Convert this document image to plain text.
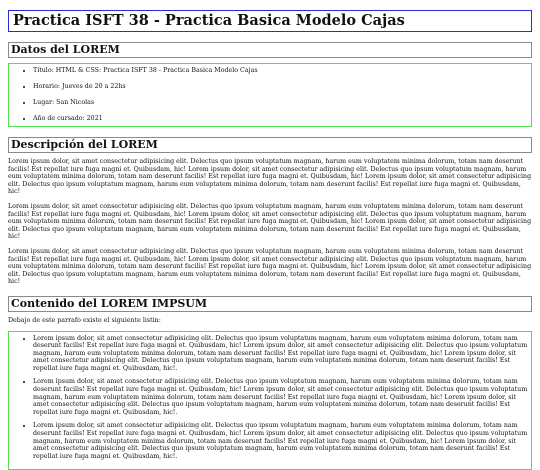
Practica ISFT 38 - Practica Basica Modelo Cajas
Datos del LOREM
• Título: HTML & CSS: Practica ISFT 38 - Practica Basica Modelo Cajas
• Horario: Jueves de 20 a 22hs
• Lugar: San Nicolas
• Año de cursado: 2021
Descripción del LOREM

Lorem ipsum dolor, sit amet consectetur adipisicing elit. Delectus quo ipsum voluptatum magnam, harum eum voluptatem minima dolorum, totam nam deserunt facilis! Est repellat iure fuga magni et. Quibusdam, hic! Lorem ipsum dolor, sit amet consectetur adipisicing elit. Delectus quo ipsum voluptatum magnam, harum eum voluptatem minima dolorum, totam nam deserunt facilis! Est repellat iure fuga magni et. Quibusdam, hic! Lorem ipsum dolor, sit amet consectetur adipisicing elit. Delectus quo ipsum voluptatum magnam, harum eum voluptatem minima dolorum, totam nam deserunt facilis! Est repellat iure fuga magni et. Quibusdam, hic!

Lorem ipsum dolor, sit amet consectetur adipisicing elit. Delectus quo ipsum voluptatum magnam, harum eum voluptatem minima dolorum, totam nam deserunt facilis! Est repellat iure fuga magni et. Quibusdam, hic! Lorem ipsum dolor, sit amet consectetur adipisicing elit. Delectus quo ipsum voluptatum magnam, harum eum voluptatem minima dolorum, totam nam deserunt facilis! Est repellat iure fuga magni et. Quibusdam, hic! Lorem ipsum dolor, sit amet consectetur adipisicing elit. Delectus quo ipsum voluptatum magnam, harum eum voluptatem minima dolorum, totam nam deserunt facilis! Est repellat iure fuga magni et. Quibusdam, hic!

Lorem ipsum dolor, sit amet consectetur adipisicing elit. Delectus quo ipsum voluptatum magnam, harum eum voluptatem minima dolorum, totam nam deserunt facilis! Est repellat iure fuga magni et. Quibusdam, hic! Lorem ipsum dolor, sit amet consectetur adipisicing elit. Delectus quo ipsum voluptatum magnam, harum eum voluptatem minima dolorum, totam nam deserunt facilis! Est repellat iure fuga magni et. Quibusdam, hic! Lorem ipsum dolor, sit amet consectetur adipisicing elit. Delectus quo ipsum voluptatum magnam, harum eum voluptatem minima dolorum, totam nam deserunt facilis! Est repellat iure fuga magni et. Quibusdam, hic!

Contenido del LOREM IMPSUM

Debajo de este parrafo existe el siguiente listin:

• Lorem ipsum dolor, sit amet consectetur adipisicing elit. Delectus quo ipsum voluptatum magnam, harum eum voluptatem minima dolorum, totam nam deserunt facilis! Est repellat iure fuga magni et. Quibusdam, hic! Lorem ipsum dolor, sit amet consectetur adipisicing elit. Delectus quo ipsum voluptatum magnam, harum eum voluptatem minima dolorum, totam nam deserunt facilis! Est repellat iure fuga magni et. Quibusdam, hic! Lorem ipsum dolor, sit amet consectetur adipisicing elit. Delectus quo ipsum voluptatum magnam, harum eum voluptatem minima dolorum, totam nam deserunt facilis! Est repellat iure fuga magni et. Quibusdam, hic!.
• Lorem ipsum dolor, sit amet consectetur adipisicing elit. Delectus quo ipsum voluptatum magnam, harum eum voluptatem minima dolorum, totam nam deserunt facilis! Est repellat iure fuga magni et. Quibusdam, hic! Lorem ipsum dolor, sit amet consectetur adipisicing elit. Delectus quo ipsum voluptatum magnam, harum eum voluptatem minima dolorum, totam nam deserunt facilis! Est repellat iure fuga magni et. Quibusdam, hic! Lorem ipsum dolor, sit amet consectetur adipisicing elit. Delectus quo ipsum voluptatum magnam, harum eum voluptatem minima dolorum, totam nam deserunt facilis! Est repellat iure fuga magni et. Quibusdam, hic!.
• Lorem ipsum dolor, sit amet consectetur adipisicing elit. Delectus quo ipsum voluptatum magnam, harum eum voluptatem minima dolorum, totam nam deserunt facilis! Est repellat iure fuga magni et. Quibusdam, hic! Lorem ipsum dolor, sit amet consectetur adipisicing elit. Delectus quo ipsum voluptatum magnam, harum eum voluptatem minima dolorum, totam nam deserunt facilis! Est repellat iure fuga magni et. Quibusdam, hic! Lorem ipsum dolor, sit amet consectetur adipisicing elit. Delectus quo ipsum voluptatum magnam, harum eum voluptatem minima dolorum, totam nam deserunt facilis! Est repellat iure fuga magni et. Quibusdam, hic!.
